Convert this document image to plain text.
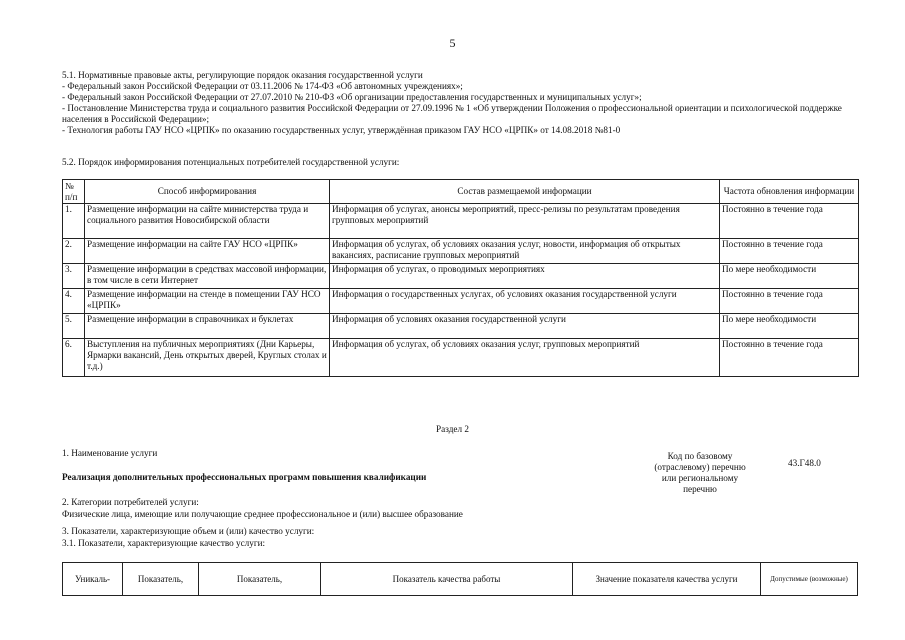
5
5.1. Нормативные правовые акты, регулирующие порядок оказания государственной услуги
- Федеральный закон Российской Федерации от 03.11.2006 № 174-ФЗ «Об автономных учреждениях»;
- Федеральный закон Российской Федерации от 27.07.2010 № 210-ФЗ «Об организации предоставления государственных и муниципальных услуг»;
- Постановление Министерства труда и социального развития Российской Федерации от 27.09.1996 № 1 «Об утверждении Положения о профессиональной ориентации и психологической поддержке населения в Российской Федерации»;
- Технология работы ГАУ НСО «ЦРПК» по оказанию государственных услуг, утверждённая приказом ГАУ НСО «ЦРПК» от 14.08.2018 №81-0
5.2. Порядок информирования потенциальных потребителей государственной услуги:
№ п/п	Способ информирования	Состав размещаемой информации	Частота обновления информации
1.	Размещение информации на сайте министерства труда и социального развития Новосибирской области	Информация об услугах, анонсы мероприятий, пресс-релизы по результатам проведения групповых мероприятий	Постоянно в течение года
2.	Размещение информации на сайте ГАУ НСО «ЦРПК»	Информация об услугах, об условиях оказания услуг, новости, информация об открытых вакансиях, расписание групповых мероприятий	Постоянно в течение года
3.	Размещение информации в средствах массовой информации, в том числе в сети Интернет	Информация об услугах, о проводимых мероприятиях	По мере необходимости
4.	Размещение информации на стенде в помещении ГАУ НСО «ЦРПК»	Информация о государственных услугах, об условиях оказания государственной услуги	Постоянно в течение года
5.	Размещение информации в справочниках и буклетах	Информация об условиях оказания государственной услуги	По мере необходимости
6.	Выступления на публичных мероприятиях (Дни Карьеры, Ярмарки вакансий, День открытых дверей, Круглых столах и т.д.)	Информация об услугах, об условиях оказания услуг, групповых мероприятий	Постоянно в течение года
Раздел 2
1. Наименование услуги
Реализация дополнительных профессиональных программ повышения квалификации
Код по базовому (отраслевому) перечню или региональному перечню
43.Г48.0
2. Категории потребителей услуги:
Физические лица, имеющие или получающие среднее профессиональное и (или) высшее образование
3. Показатели, характеризующие объем и (или) качество услуги:
3.1. Показатели, характеризующие качество услуги:
Уникаль-	Показатель,	Показатель,	Показатель качества работы	Значение показателя качества услуги	Допустимые (возможные)
